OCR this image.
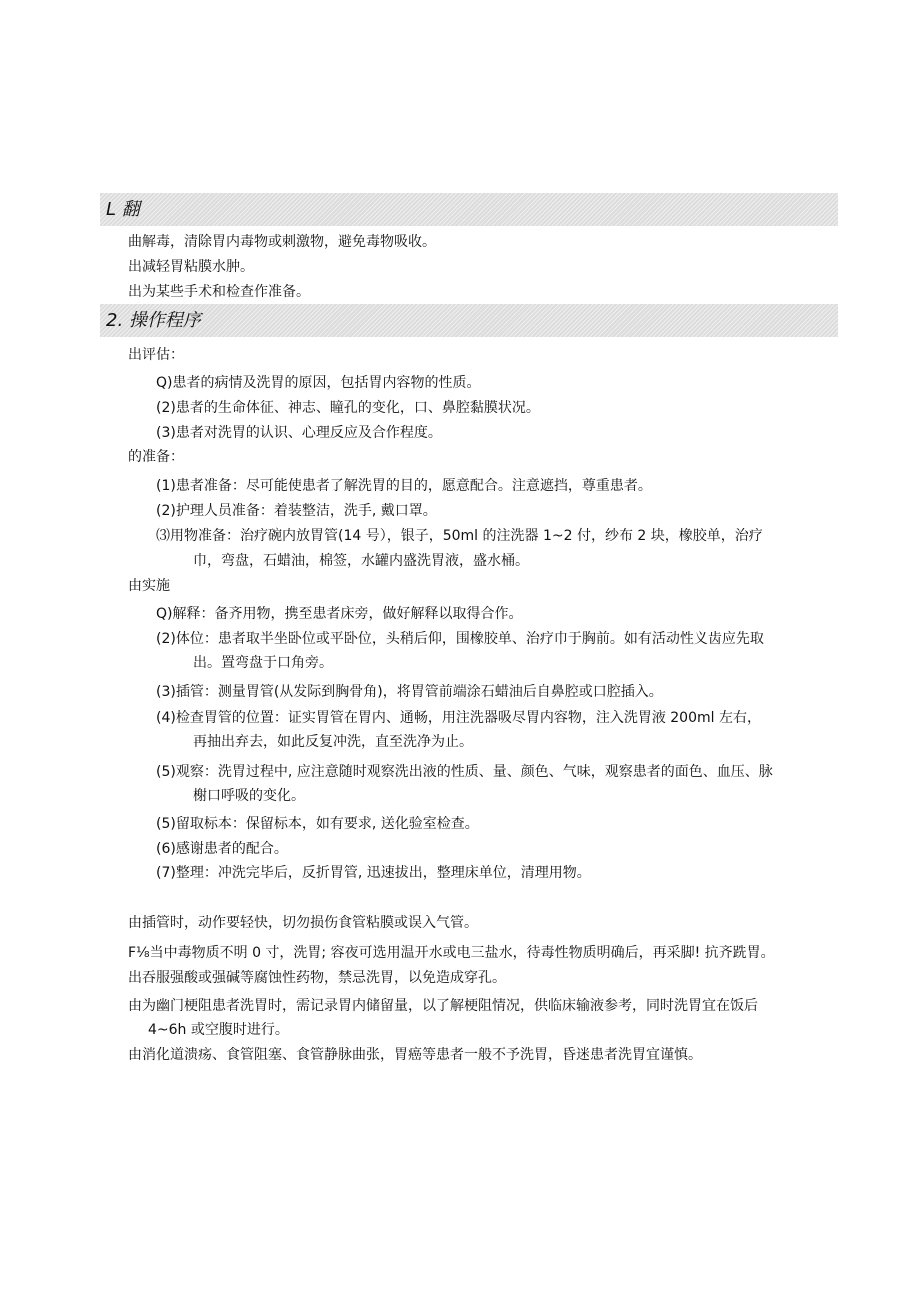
L 翻
曲解毒，清除胃内毒物或刺激物，避免毒物吸收。
出减轻胃粘膜水肿。
出为某些手术和检查作准备。
2. 操作程序
出评估：
Q)患者的病情及洗胃的原因，包括胃内容物的性质。
(2)患者的生命体征、神志、瞳孔的变化，口、鼻腔黏膜状况。
(3)患者对洗胃的认识、心理反应及合作程度。
的准备：
(1)患者准备：尽可能使患者了解洗胃的目的，愿意配合。注意遮挡，尊重患者。
(2)护理人员准备：着装整洁，洗手, 戴口罩。
⑶用物准备：治疗碗内放胃管(14 号），银子，50ml 的注洗器 1~2 付，纱布 2 块，橡胶单，治疗
巾，弯盘，石蜡油，棉签，水罐内盛洗胃液，盛水桶。
由实施
Q)解释：备齐用物，携至患者床旁，做好解释以取得合作。
(2)体位：患者取半坐卧位或平卧位，头稍后仰，围橡胶单、治疗巾于胸前。如有活动性义齿应先取
出。置弯盘于口角旁。
(3)插管：测量胃管(从发际到胸骨角)，将胃管前端涂石蜡油后自鼻腔或口腔插入。
(4)检查胃管的位置：证实胃管在胃内、通畅，用注洗器吸尽胃内容物，注入洗胃液 200ml 左右，
再抽出弃去，如此反复冲洗，直至洗净为止。
(5)观察：洗胃过程中, 应注意随时观察洗出液的性质、量、颜色、气味，观察患者的面色、血压、脉
榭口呼吸的变化。
(5)留取标本：保留标本，如有要求, 送化验室检查。
(6)感谢患者的配合。
(7)整理：冲洗完毕后，反折胃管, 迅速拔出，整理床单位，清理用物。
由插管时，动作要轻快，切勿损伤食管粘膜或误入气管。
F⅛当中毒物质不明 0 寸，洗胃; 容夜可选用温开水或电三盐水，待毒性物质明确后，再采脚! 抗齐跣胃。
出吞服强酸或强碱等腐蚀性药物，禁忌洗胃，以免造成穿孔。
由为幽门梗阻患者洗胃时，需记录胃内储留量，以了解梗阻情况，供临床输液参考，同时洗胃宜在饭后
4~6h 或空腹时进行。
由消化道溃疡、食管阻塞、食管静脉曲张，胃癌等患者一般不予洗胃，昏迷患者洗胃宜谨慎。
